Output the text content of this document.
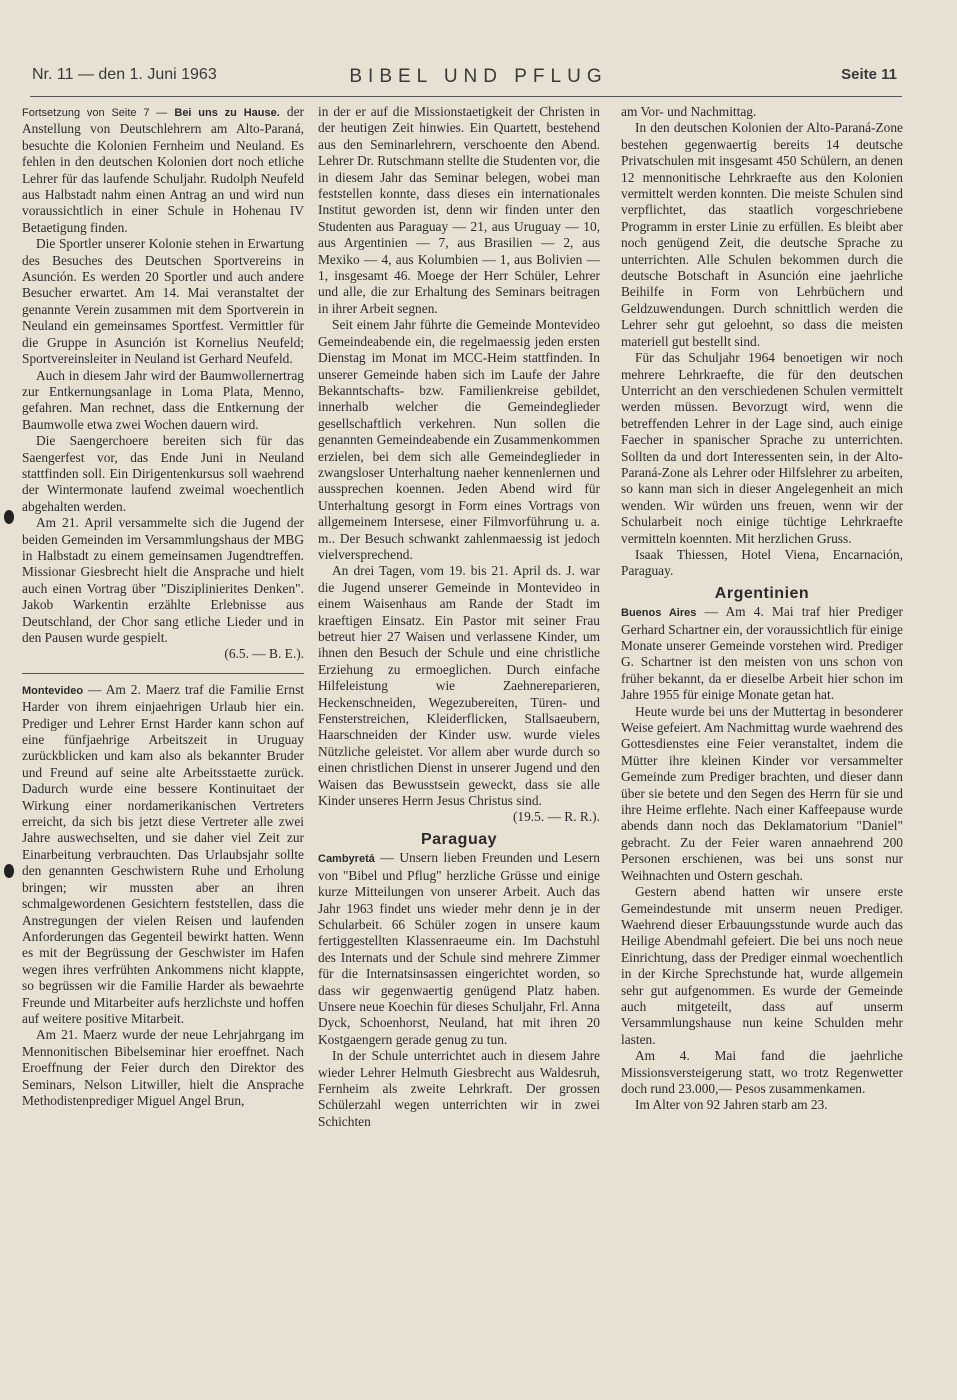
Nr. 11 — den 1. Juni 1963	BIBEL UND PFLUG	Seite 11

Fortsetzung von Seite 7 — Bei uns zu Hause. der Anstellung von Deutschlehrern am Alto-Paraná, besuchte die Kolonien Fernheim und Neuland. Es fehlen in den deutschen Kolonien dort noch etliche Lehrer für das laufende Schuljahr. Rudolph Neufeld aus Halbstadt nahm einen Antrag an und wird nun voraussichtlich in einer Schule in Hohenau IV Betaetigung finden.

Die Sportler unserer Kolonie stehen in Erwartung des Besuches des Deutschen Sportvereins in Asunción. Es werden 20 Sportler und auch andere Besucher erwartet. Am 14. Mai veranstaltet der genannte Verein zusammen mit dem Sportverein in Neuland ein gemeinsames Sportfest. Vermittler für die Gruppe in Asunción ist Kornelius Neufeld; Sportvereinsleiter in Neuland ist Gerhard Neufeld.

Auch in diesem Jahr wird der Baumwollernertrag zur Entkernungsanlage in Loma Plata, Menno, gefahren. Man rechnet, dass die Entkernung der Baumwolle etwa zwei Wochen dauern wird.

Die Saengerchoere bereiten sich für das Saengerfest vor, das Ende Juni in Neuland stattfinden soll. Ein Dirigentenkursus soll waehrend der Wintermonate laufend zweimal woechentlich abgehalten werden.

Am 21. April versammelte sich die Jugend der beiden Gemeinden im Versammlungshaus der MBG in Halbstadt zu einem gemeinsamen Jugendtreffen. Missionar Giesbrecht hielt die Ansprache und hielt auch einen Vortrag über "Disziplinierites Denken". Jakob Warkentin erzählte Erlebnisse aus Deutschland, der Chor sang etliche Lieder und in den Pausen wurde gespielt.
(6.5. — B. E.).

Montevideo — Am 2. Maerz traf die Familie Ernst Harder von ihrem einjaehrigen Urlaub hier ein. Prediger und Lehrer Ernst Harder kann schon auf eine fünfjaehrige Arbeitszeit in Uruguay zurückblicken und kam also als bekannter Bruder und Freund auf seine alte Arbeitsstaette zurück. Dadurch wurde eine bessere Kontinuitaet der Wirkung einer nordamerikanischen Vertreters erreicht, da sich bis jetzt diese Vertreter alle zwei Jahre auswechselten, und sie daher viel Zeit zur Einarbeitung verbrauchten. Das Urlaubsjahr sollte den genannten Geschwistern Ruhe und Erholung bringen; wir mussten aber an ihren schmalgewordenen Gesichtern feststellen, dass die Anstregungen der vielen Reisen und laufenden Anforderungen das Gegenteil bewirkt hatten. Wenn es mit der Begrüssung der Geschwister im Hafen wegen ihres verfrühten Ankommens nicht klappte, so begrüssen wir die Familie Harder als bewaehrte Freunde und Mitarbeiter aufs herzlichste und hoffen auf weitere positive Mitarbeit.

Am 21. Maerz wurde der neue Lehrjahrgang im Mennonitischen Bibelseminar hier eroeffnet. Nach Eroeffnung der Feier durch den Direktor des Seminars, Nelson Litwiller, hielt die Ansprache Methodistenprediger Miguel Angel Brun,

in der er auf die Missionstaetigkeit der Christen in der heutigen Zeit hinwies. Ein Quartett, bestehend aus den Seminarlehrern, verschoente den Abend. Lehrer Dr. Rutschmann stellte die Studenten vor, die in diesem Jahr das Seminar belegen, wobei man feststellen konnte, dass dieses ein internationales Institut geworden ist, denn wir finden unter den Studenten aus Paraguay — 21, aus Uruguay — 10, aus Argentinien — 7, aus Brasilien — 2, aus Mexiko — 4, aus Kolumbien — 1, aus Bolivien — 1, insgesamt 46. Moege der Herr Schüler, Lehrer und alle, die zur Erhaltung des Seminars beitragen in ihrer Arbeit segnen.

Seit einem Jahr führte die Gemeinde Montevideo Gemeindeabende ein, die regelmaessig jeden ersten Dienstag im Monat im MCC-Heim stattfinden. In unserer Gemeinde haben sich im Laufe der Jahre Bekanntschafts- bzw. Familienkreise gebildet, innerhalb welcher die Gemeindeglieder gesellschaftlich verkehren. Nun sollen die genannten Gemeindeabende ein Zusammenkommen erzielen, bei dem sich alle Gemeindeglieder in zwangsloser Unterhaltung naeher kennenlernen und aussprechen koennen. Jeden Abend wird für Unterhaltung gesorgt in Form eines Vortrags von allgemeinem Intersese, einer Filmvorführung u. a. m.. Der Besuch schwankt zahlenmaessig ist jedoch vielversprechend.

An drei Tagen, vom 19. bis 21. April ds. J. war die Jugend unserer Gemeinde in Montevideo in einem Waisenhaus am Rande der Stadt im kraeftigen Einsatz. Ein Pastor mit seiner Frau betreut hier 27 Waisen und verlassene Kinder, um ihnen den Besuch der Schule und eine christliche Erziehung zu ermoeglichen. Durch einfache Hilfeleistung wie Zaehnereparieren, Heckenschneiden, Wegezubereiten, Türen- und Fensterstreichen, Kleiderflicken, Stallsaeubern, Haarschneiden der Kinder usw. wurde vieles Nützliche geleistet. Vor allem aber wurde durch so einen christlichen Dienst in unserer Jugend und den Waisen das Bewusstsein geweckt, dass sie alle Kinder unseres Herrn Jesus Christus sind.
(19.5. — R. R.).

Paraguay

Cambyretá — Unsern lieben Freunden und Lesern von "Bibel und Pflug" herzliche Grüsse und einige kurze Mitteilungen von unserer Arbeit. Auch das Jahr 1963 findet uns wieder mehr denn je in der Schularbeit. 66 Schüler zogen in unsere kaum fertiggestellten Klassenraeume ein. Im Dachstuhl des Internats und der Schule sind mehrere Zimmer für die Internatsinsassen eingerichtet worden, so dass wir gegenwaertig genügend Platz haben. Unsere neue Koechin für dieses Schuljahr, Frl. Anna Dyck, Schoenhorst, Neuland, hat mit ihren 20 Kostgaengern gerade genug zu tun.

In der Schule unterrichtet auch in diesem Jahre wieder Lehrer Helmuth Giesbrecht aus Waldesruh, Fernheim als zweite Lehrkraft. Der grossen Schülerzahl wegen unterrichten wir in zwei Schichten

am Vor- und Nachmittag.

In den deutschen Kolonien der Alto-Paraná-Zone bestehen gegenwaertig bereits 14 deutsche Privatschulen mit insgesamt 450 Schülern, an denen 12 mennonitische Lehrkraefte aus den Kolonien vermittelt werden konnten. Die meiste Schulen sind verpflichtet, das staatlich vorgeschriebene Programm in erster Linie zu erfüllen. Es bleibt aber noch genügend Zeit, die deutsche Sprache zu unterrichten. Alle Schulen bekommen durch die deutsche Botschaft in Asunción eine jaehrliche Beihilfe in Form von Lehrbüchern und Geldzuwendungen. Durch schnittlich werden die Lehrer sehr gut geloehnt, so dass die meisten materiell gut bestellt sind.

Für das Schuljahr 1964 benoetigen wir noch mehrere Lehrkraefte, die für den deutschen Unterricht an den verschiedenen Schulen vermittelt werden müssen. Bevorzugt wird, wenn die betreffenden Lehrer in der Lage sind, auch einige Faecher in spanischer Sprache zu unterrichten. Sollten da und dort Interessenten sein, in der Alto-Paraná-Zone als Lehrer oder Hilfslehrer zu arbeiten, so kann man sich in dieser Angelegenheit an mich wenden. Wir würden uns freuen, wenn wir der Schularbeit noch einige tüchtige Lehrkraefte vermitteln koennten. Mit herzlichen Gruss.

Isaak Thiessen, Hotel Viena, Encarnación, Paraguay.

Argentinien

Buenos Aires — Am 4. Mai traf hier Prediger Gerhard Schartner ein, der voraussichtlich für einige Monate unserer Gemeinde vorstehen wird. Prediger G. Schartner ist den meisten von uns schon von früher bekannt, da er dieselbe Arbeit hier schon im Jahre 1955 für einige Monate getan hat.

Heute wurde bei uns der Muttertag in besonderer Weise gefeiert. Am Nachmittag wurde waehrend des Gottesdienstes eine Feier veranstaltet, indem die Mütter ihre kleinen Kinder vor versammelter Gemeinde zum Prediger brachten, und dieser dann über sie betete und den Segen des Herrn für sie und ihre Heime erflehte. Nach einer Kaffeepause wurde abends dann noch das Deklamatorium "Daniel" gebracht. Zu der Feier waren annaehrend 200 Personen erschienen, was bei uns sonst nur Weihnachten und Ostern geschah.

Gestern abend hatten wir unsere erste Gemeindestunde mit unserm neuen Prediger. Waehrend dieser Erbauungsstunde wurde auch das Heilige Abendmahl gefeiert. Die bei uns noch neue Einrichtung, dass der Prediger einmal woechentlich in der Kirche Sprechstunde hat, wurde allgemein sehr gut aufgenommen. Es wurde der Gemeinde auch mitgeteilt, dass auf unserm Versammlungshause nun keine Schulden mehr lasten.

Am 4. Mai fand die jaehrliche Missionsversteigerung statt, wo trotz Regenwetter doch rund 23.000,— Pesos zusammenkamen.

Im Alter von 92 Jahren starb am 23.
